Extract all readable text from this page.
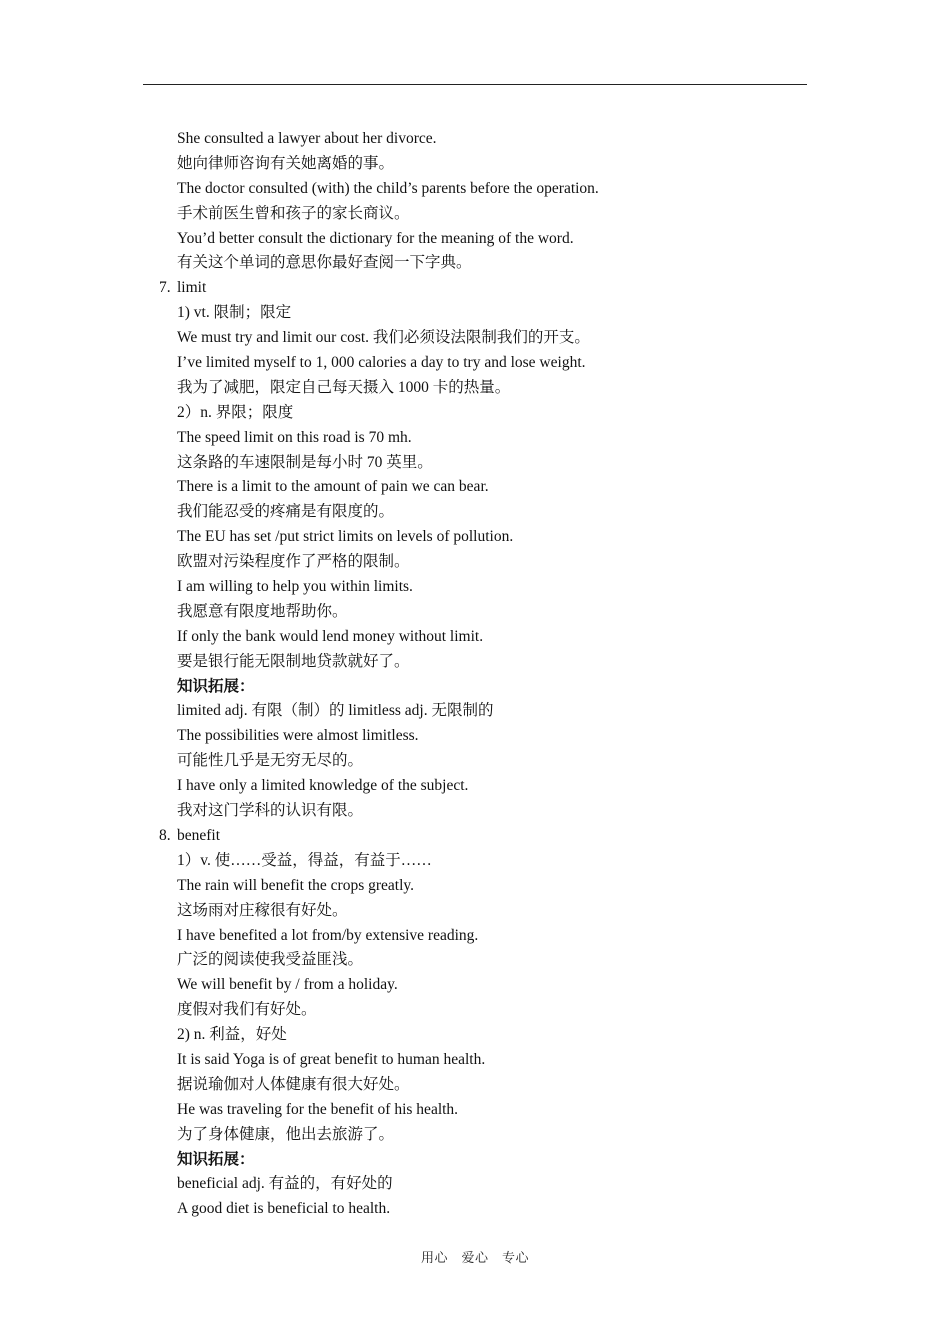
She consulted a lawyer about her divorce.
她向律师咨询有关她离婚的事。
The doctor consulted (with) the child’s parents before the operation.
手术前医生曾和孩子的家长商议。
You’d better consult the dictionary for the meaning of the word.
有关这个单词的意思你最好查阅一下字典。
7. limit
1) vt. 限制；限定
We must try and limit our cost. 我们必须设法限制我们的开支。
I’ve limited myself to 1, 000 calories a day to try and lose weight.
我为了减肥，限定自己每天摄入 1000 卡的热量。
2）n. 界限；限度
The speed limit on this road is 70 mh.
这条路的车速限制是每小时 70 英里。
There is a limit to the amount of pain we can bear.
我们能忍受的疼痛是有限度的。
The EU has set /put strict limits on levels of pollution.
欧盟对污染程度作了严格的限制。
I am willing to help you within limits.
我愿意有限度地帮助你。
If only the bank would lend money without limit.
要是银行能无限制地贷款就好了。
知识拓展：
limited adj. 有限（制）的 limitless adj. 无限制的
The possibilities were almost limitless.
可能性几乎是无穷无尽的。
I have only a limited knowledge of the subject.
我对这门学科的认识有限。
8. benefit
1）v. 使……受益，得益，有益于……
The rain will benefit the crops greatly.
这场雨对庄稼很有好处。
I have benefited a lot from/by extensive reading.
广泛的阅读使我受益匪浅。
We will benefit by / from a holiday.
度假对我们有好处。
2) n. 利益，好处
It is said Yoga is of great benefit to human health.
据说瑜伽对人体健康有很大好处。
He was traveling for the benefit of his health.
为了身体健康，他出去旅游了。
知识拓展：
beneficial adj. 有益的，有好处的
A good diet is beneficial to health.
用心　爱心　专心
